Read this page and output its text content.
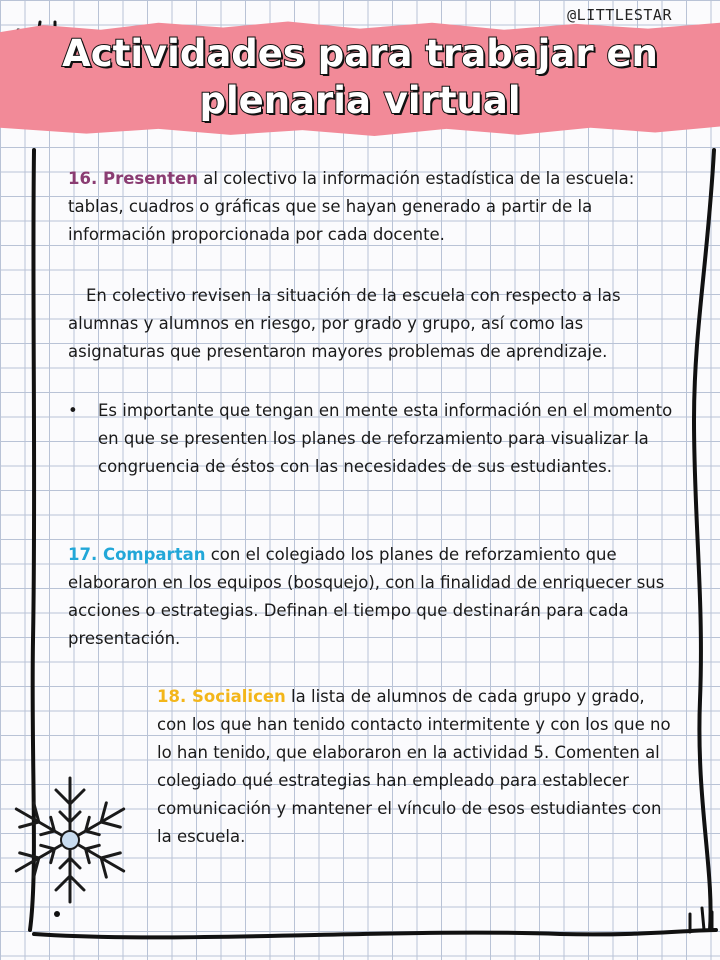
@LITTLESTAR
Actividades para trabajar en plenaria virtual

16. Presenten al colectivo la información estadística de la escuela: tablas, cuadros o gráficas que se hayan generado a partir de la información proporcionada por cada docente.

En colectivo revisen la situación de la escuela con respecto a las alumnas y alumnos en riesgo, por grado y grupo, así como las asignaturas que presentaron mayores problemas de aprendizaje.

•	Es importante que tengan en mente esta información en el momento en que se presenten los planes de reforzamiento para visualizar la congruencia de éstos con las necesidades de sus estudiantes.

17. Compartan con el colegiado los planes de reforzamiento que elaboraron en los equipos (bosquejo), con la finalidad de enriquecer sus acciones o estrategias. Definan el tiempo que destinarán para cada presentación.

18. Socialicen la lista de alumnos de cada grupo y grado, con los que han tenido contacto intermitente y con los que no lo han tenido, que elaboraron en la actividad 5. Comenten al colegiado qué estrategias han empleado para establecer comunicación y mantener el vínculo de esos estudiantes con la escuela.
